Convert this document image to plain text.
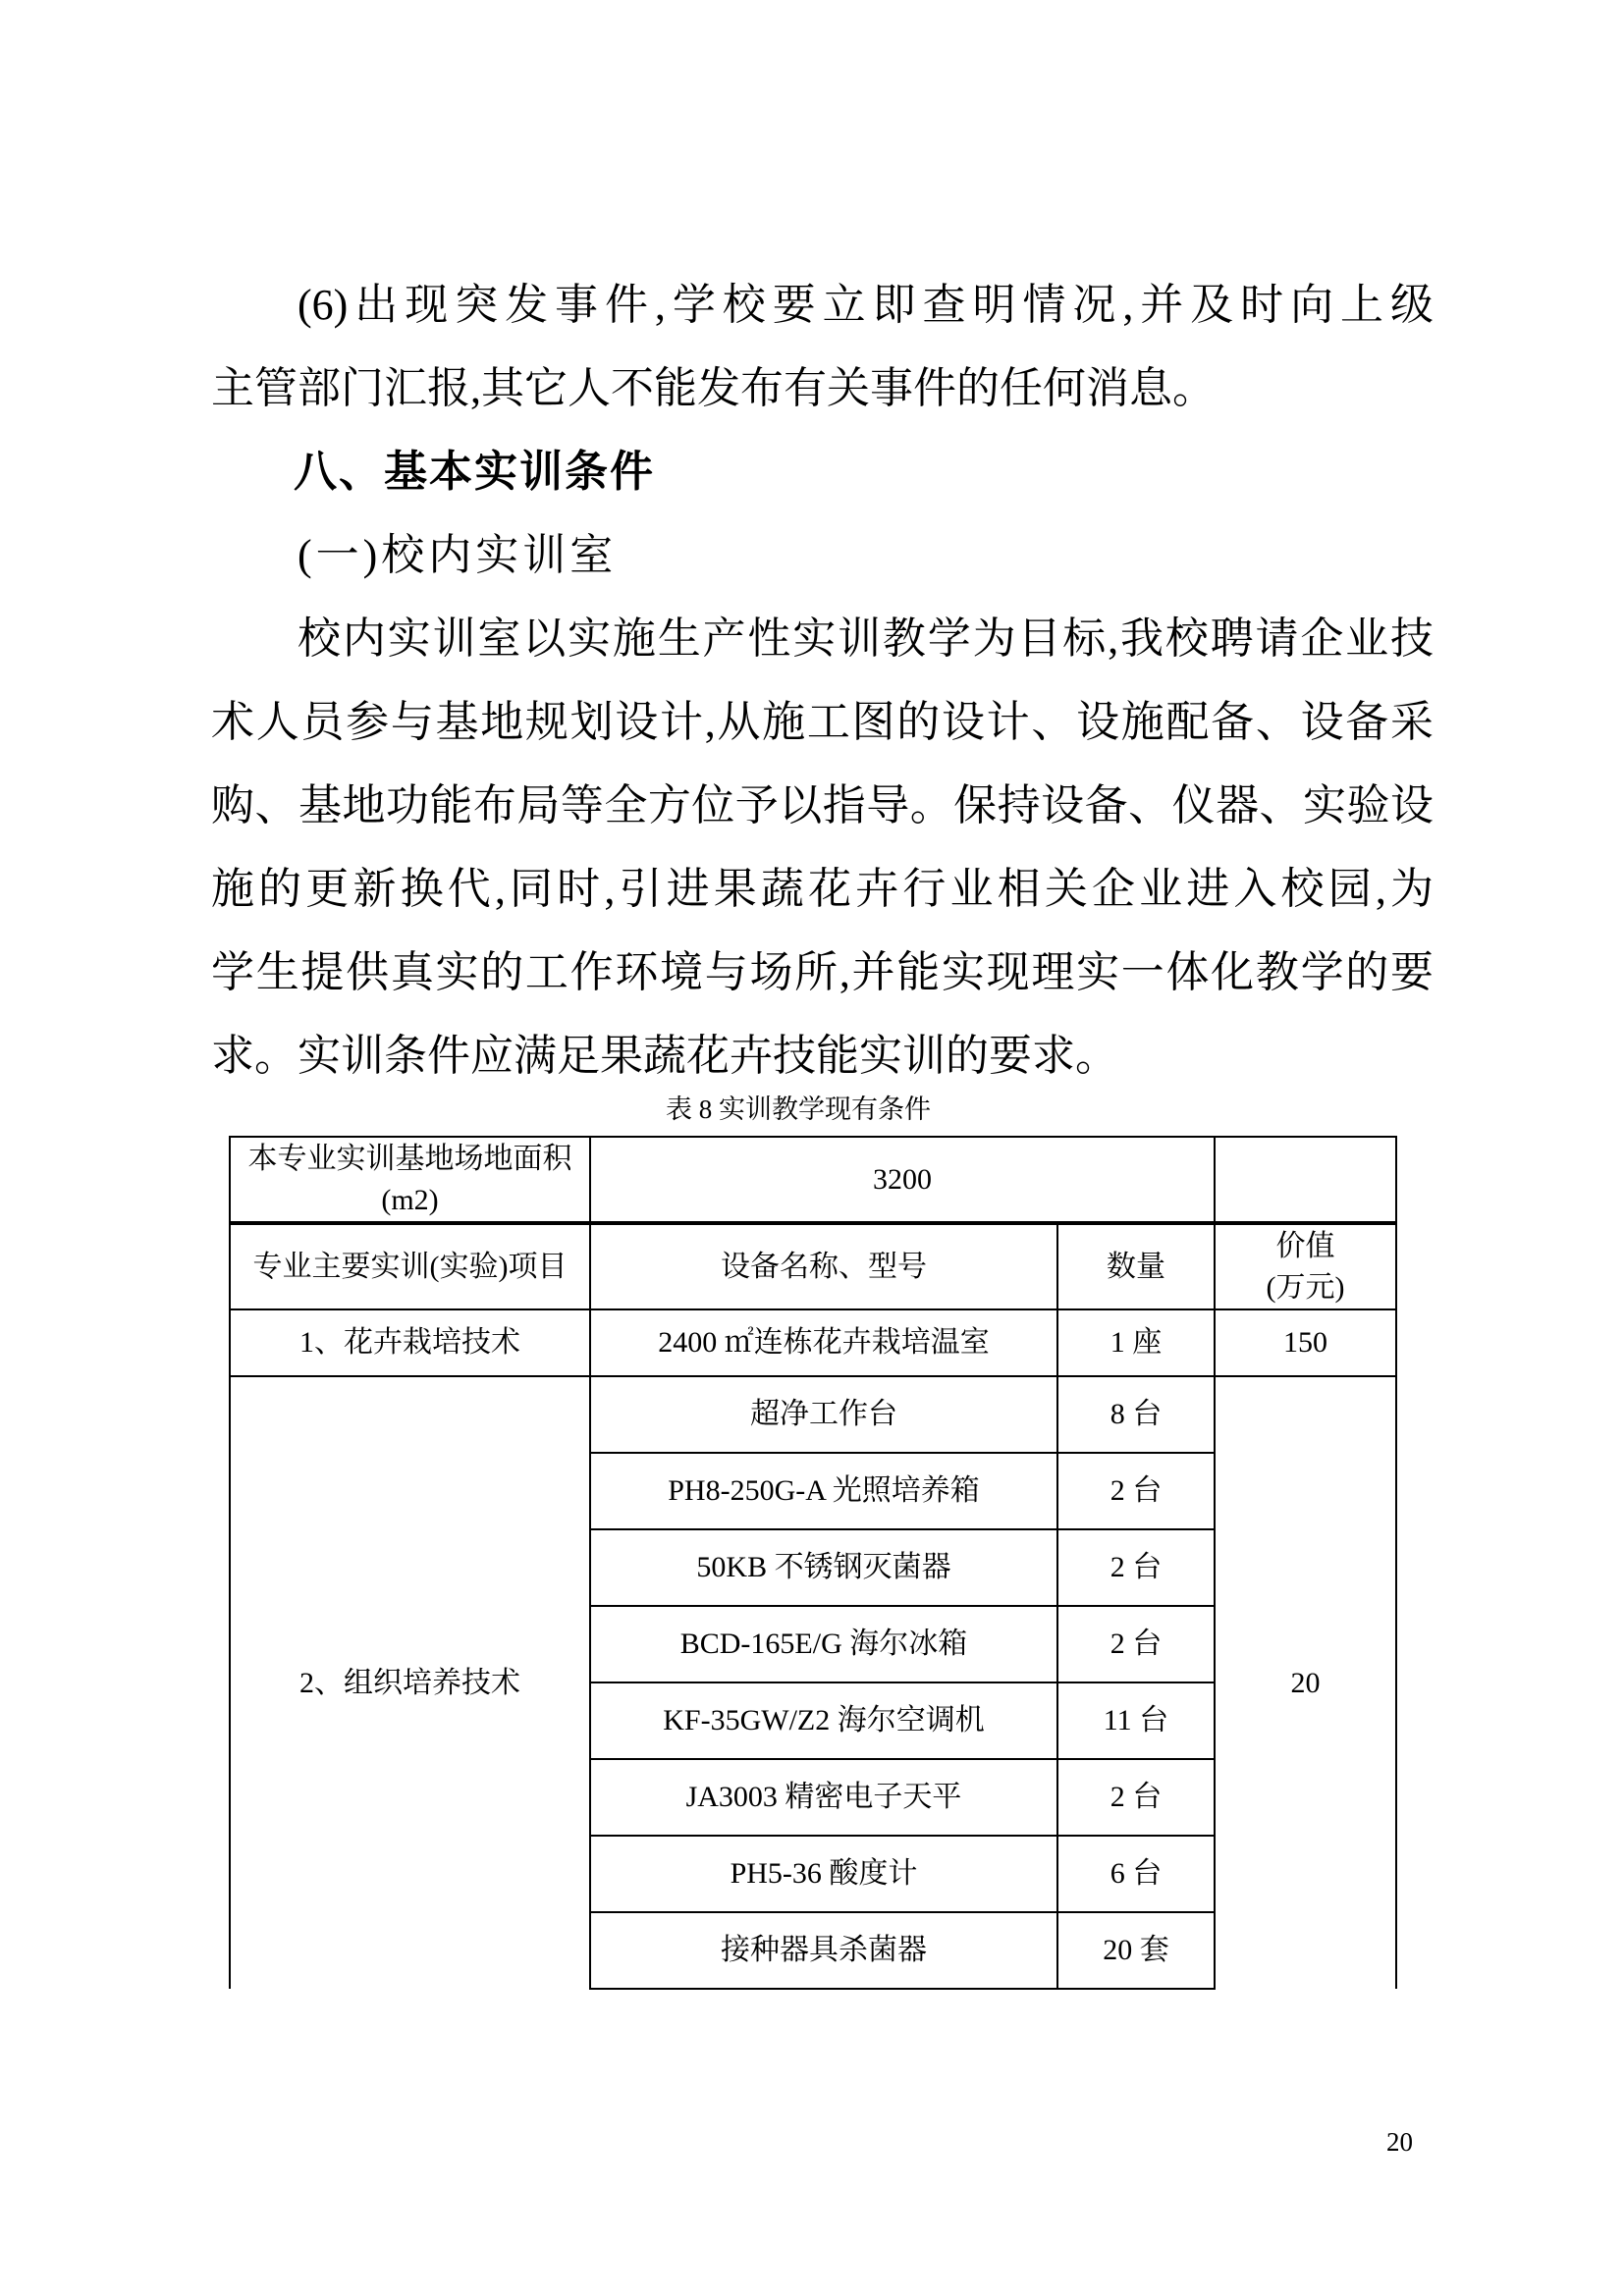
(6)出现突发事件,学校要立即查明情况,并及时向上级
主管部门汇报,其它人不能发布有关事件的任何消息。
八、基本实训条件
(一)校内实训室
校内实训室以实施生产性实训教学为目标,我校聘请企业技
术人员参与基地规划设计,从施工图的设计、设施配备、设备采
购、基地功能布局等全方位予以指导。保持设备、仪器、实验设
施的更新换代,同时,引进果蔬花卉行业相关企业进入校园,为
学生提供真实的工作环境与场所,并能实现理实一体化教学的要
求。实训条件应满足果蔬花卉技能实训的要求。
表 8 实训教学现有条件
本专业实训基地场地面积
(m2)	3200		
专业主要实训(实验)项目	设备名称、型号	数量	价值
(万元)

1、花卉栽培技术	2400 ㎡连栋花卉栽培温室	1 座	150
2、组织培养技术	超净工作台	8 台	20
	PH8-250G-A 光照培养箱	2 台	
	50KB 不锈钢灭菌器	2 台	
	BCD-165E/G 海尔冰箱	2 台	
	KF-35GW/Z2 海尔空调机	11 台	
	JA3003 精密电子天平	2 台	
	PH5-36 酸度计	6 台	
	接种器具杀菌器	20 套	
20
